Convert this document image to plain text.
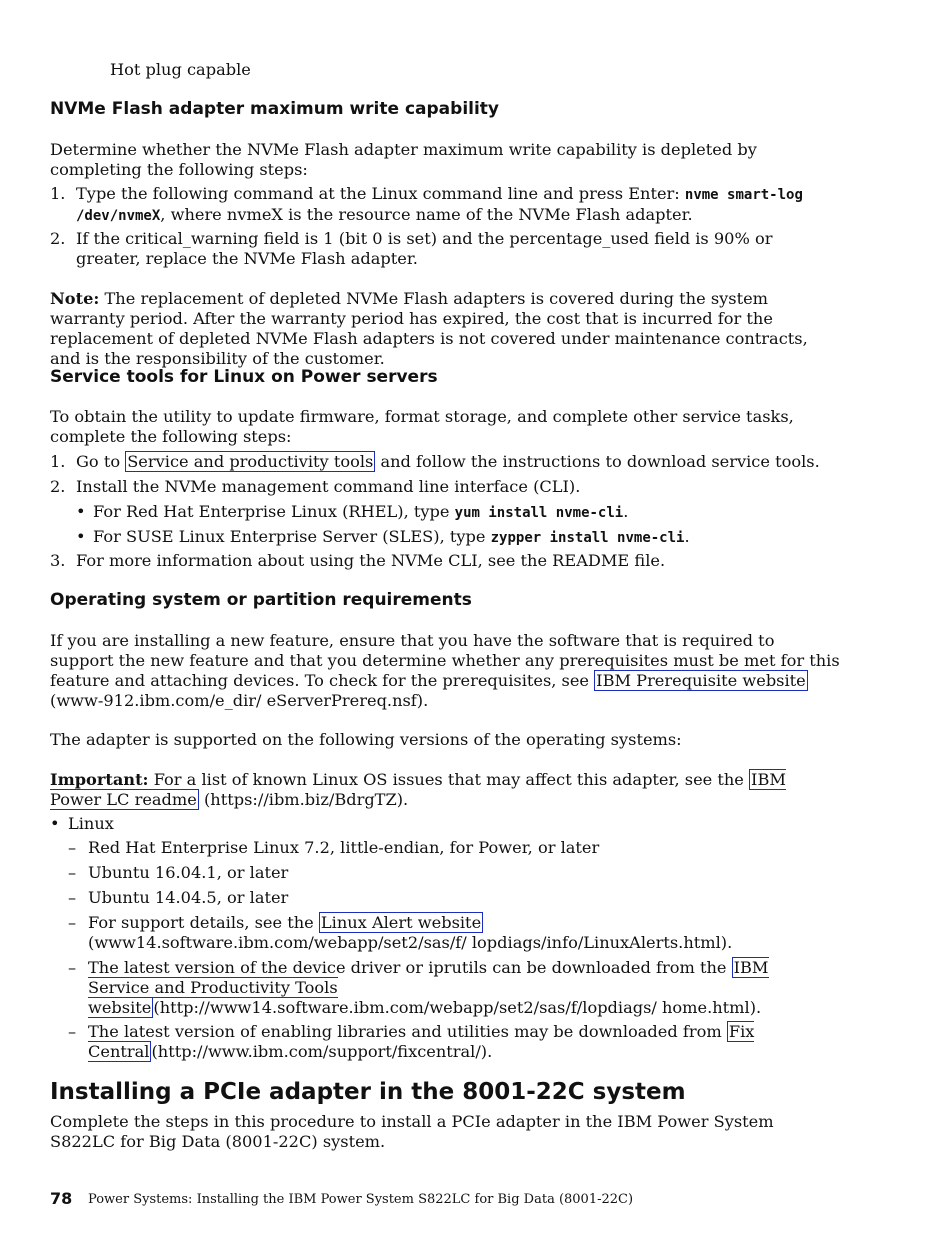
Hot plug capable
NVMe Flash adapter maximum write capability
Determine whether the NVMe Flash adapter maximum write capability is depleted by completing the following steps:
1. Type the following command at the Linux command line and press Enter: nvme smart-log
/dev/nvmeX, where nvmeX is the resource name of the NVMe Flash adapter.
2. If the critical_warning field is 1 (bit 0 is set) and the percentage_used field is 90% or greater, replace the NVMe Flash adapter.
Note: The replacement of depleted NVMe Flash adapters is covered during the system warranty period. After the warranty period has expired, the cost that is incurred for the replacement of depleted NVMe Flash adapters is not covered under maintenance contracts, and is the responsibility of the customer.
Service tools for Linux on Power servers
To obtain the utility to update firmware, format storage, and complete other service tasks, complete the following steps:
1. Go to Service and productivity tools and follow the instructions to download service tools.
2. Install the NVMe management command line interface (CLI).
• For Red Hat Enterprise Linux (RHEL), type yum install nvme-cli.
• For SUSE Linux Enterprise Server (SLES), type zypper install nvme-cli.
3. For more information about using the NVMe CLI, see the README file.
Operating system or partition requirements
If you are installing a new feature, ensure that you have the software that is required to support the new feature and that you determine whether any prerequisites must be met for this feature and attaching devices. To check for the prerequisites, see IBM Prerequisite website (www-912.ibm.com/e_dir/ eServerPrereq.nsf).
The adapter is supported on the following versions of the operating systems:
Important: For a list of known Linux OS issues that may affect this adapter, see the IBM Power LC readme (https://ibm.biz/BdrgTZ).
• Linux
– Red Hat Enterprise Linux 7.2, little-endian, for Power, or later
– Ubuntu 16.04.1, or later
– Ubuntu 14.04.5, or later
– For support details, see the Linux Alert website (www14.software.ibm.com/webapp/set2/sas/f/ lopdiags/info/LinuxAlerts.html).
– The latest version of the device driver or iprutils can be downloaded from the IBM Service and Productivity Tools website (http://www14.software.ibm.com/webapp/set2/sas/f/lopdiags/ home.html).
– The latest version of enabling libraries and utilities may be downloaded from Fix Central (http://www.ibm.com/support/fixcentral/).
Installing a PCIe adapter in the 8001-22C system
Complete the steps in this procedure to install a PCIe adapter in the IBM Power System S822LC for Big Data (8001-22C) system.
78 Power Systems: Installing the IBM Power System S822LC for Big Data (8001-22C)
